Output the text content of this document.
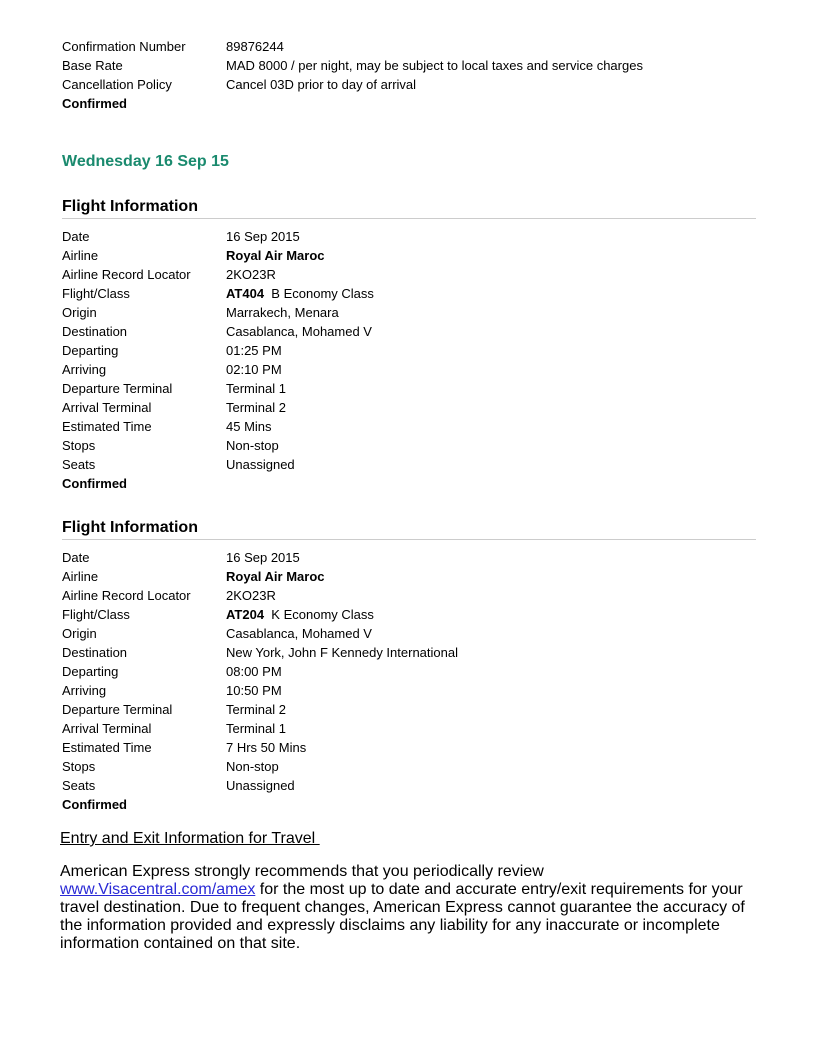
Confirmation Number	89876244
Base Rate	MAD 8000 / per night, may be subject to local taxes and service charges
Cancellation Policy	Cancel 03D prior to day of arrival
Confirmed
Wednesday 16 Sep 15
Flight Information
Date	16 Sep 2015
Airline	Royal Air Maroc
Airline Record Locator	2KO23R
Flight/Class	AT404 B Economy Class
Origin	Marrakech, Menara
Destination	Casablanca, Mohamed V
Departing	01:25 PM
Arriving	02:10 PM
Departure Terminal	Terminal 1
Arrival Terminal	Terminal 2
Estimated Time	45 Mins
Stops	Non-stop
Seats	Unassigned
Confirmed
Flight Information
Date	16 Sep 2015
Airline	Royal Air Maroc
Airline Record Locator	2KO23R
Flight/Class	AT204 K Economy Class
Origin	Casablanca, Mohamed V
Destination	New York, John F Kennedy International
Departing	08:00 PM
Arriving	10:50 PM
Departure Terminal	Terminal 2
Arrival Terminal	Terminal 1
Estimated Time	7 Hrs 50 Mins
Stops	Non-stop
Seats	Unassigned
Confirmed
Entry and Exit Information for Travel
American Express strongly recommends that you periodically review
www.Visacentral.com/amex for the most up to date and accurate entry/exit requirements for your travel destination. Due to frequent changes, American Express cannot guarantee the accuracy of the information provided and expressly disclaims any liability for any inaccurate or incomplete information contained on that site.
